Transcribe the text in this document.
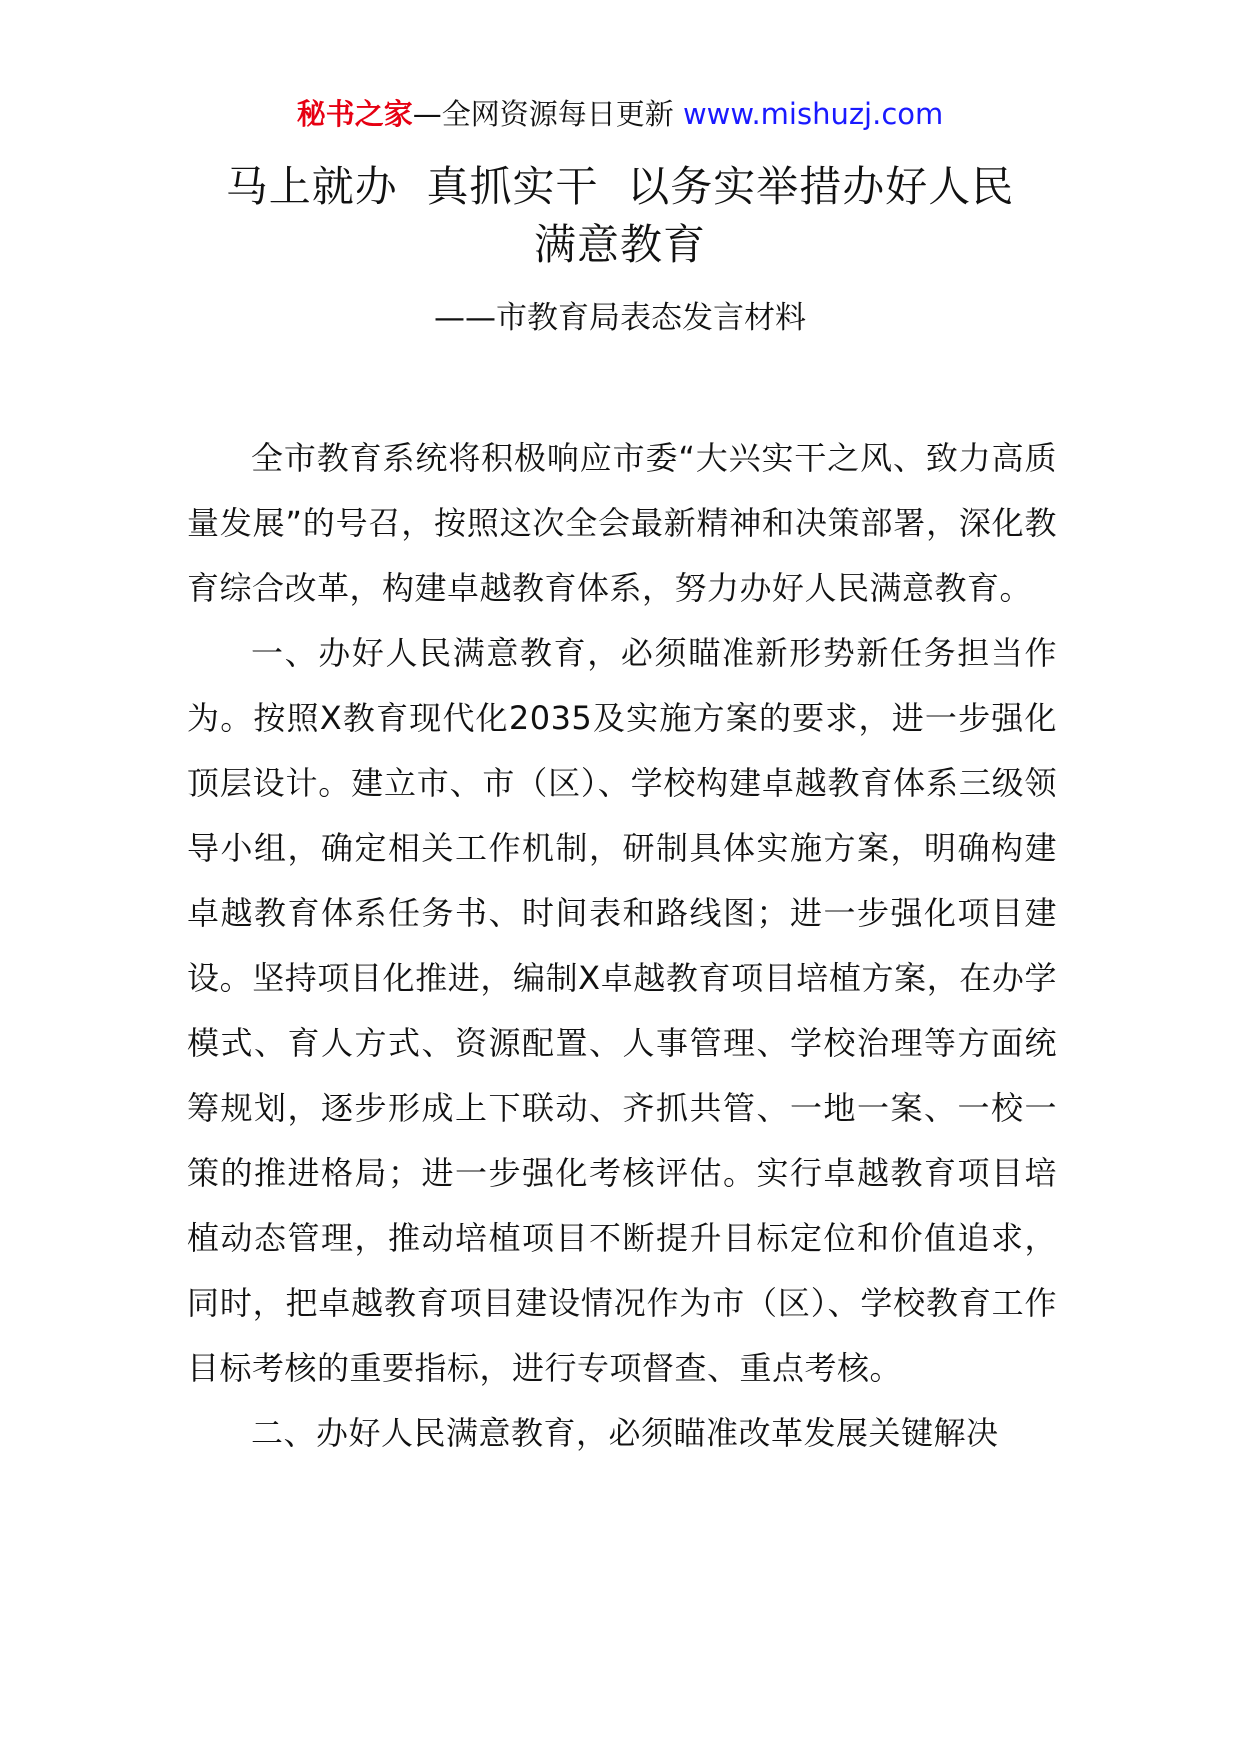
秘书之家—全网资源每日更新 www.mishuzj.com
马上就办  真抓实干  以务实举措办好人民
满意教育
——市教育局表态发言材料

全市教育系统将积极响应市委“大兴实干之风、致力高质量发展”的号召，按照这次全会最新精神和决策部署，深化教育综合改革，构建卓越教育体系，努力办好人民满意教育。

一、办好人民满意教育，必须瞄准新形势新任务担当作为。按照X教育现代化2035及实施方案的要求，进一步强化顶层设计。建立市、市（区）、学校构建卓越教育体系三级领导小组，确定相关工作机制，研制具体实施方案，明确构建卓越教育体系任务书、时间表和路线图；进一步强化项目建设。坚持项目化推进，编制X卓越教育项目培植方案，在办学模式、育人方式、资源配置、人事管理、学校治理等方面统筹规划，逐步形成上下联动、齐抓共管、一地一案、一校一策的推进格局；进一步强化考核评估。实行卓越教育项目培植动态管理，推动培植项目不断提升目标定位和价值追求，同时，把卓越教育项目建设情况作为市（区）、学校教育工作目标考核的重要指标，进行专项督查、重点考核。

二、办好人民满意教育，必须瞄准改革发展关键解决
